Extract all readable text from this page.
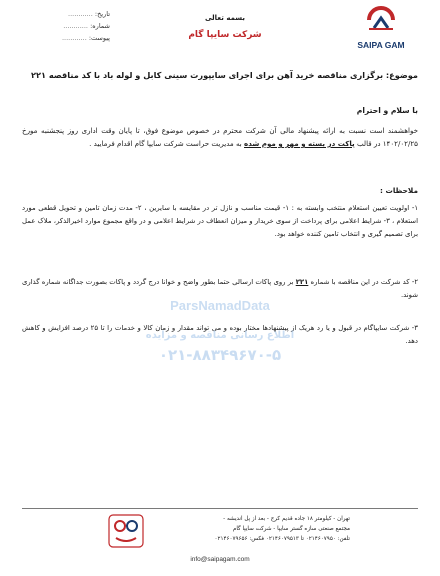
تاریخ: ............
شماره: ............
پیوست: ............
بسمه تعالی
شرکت سایپا گام
SAIPA GAM
موضوع: برگزاری مناقصه خرید آهن برای اجرای سایپورت سینی کابل و لوله باد با کد مناقصه ۲۲۱
با سلام و احترام
خواهشمند است نسبت به ارائه پیشنهاد مالی آن شرکت محترم در خصوص موضوع فوق، تا پایان وقت اداری روز پنجشنبه مورخ ۱۴۰۲/۰۲/۲۵ در قالب پاکت در بسته و مهر و موم شده به مدیریت حراست شرکت سایپا گام اقدام فرمایید .
ملاحظات :
۱- اولویت تعیین استعلام منتخب وابسته به : ۱- قیمت مناسب و نازل تر در مقایسه با سایرین ، ۲- مدت زمان تامین و تحویل قطعی مورد استعلام ، ۳- شرایط اعلامی برای پرداخت از سوی خریدار و میزان انعطاف در شرایط اعلامی و در واقع مجموع موارد اخیرالذکر، ملاک عمل برای تصمیم گیری و انتخاب تامین کننده خواهد بود.
۲- کد شرکت در این مناقصه با شماره ۲۲۱ بر روی پاکات ارسالی حتما بطور واضح و خوانا درج گردد و پاکات بصورت جداگانه شماره گذاری شوند.
۳- شرکت سایپاگام در قبول و یا رد هریک از پیشنهادها مختار بوده و می تواند مقدار و زمان کالا و خدمات را تا ۲۵ درصد افزایش و کاهش دهد.
ParsNamadData
اطلاع رسانی مناقصه و مزایده
۰۲۱-۸۸۳۴۹۶۷۰-۵
تهران - کیلومتر ۱۸ جاده قدیم کرج - بعد از پل اندیشه -
مجتمع صنعتی سازه گستر سایپا - شرکت سایپا گام
تلفن: ۰۲۱۴۶۰۷۹۵۰ تا ۰۲۱۴۶۰۷۹۵۱۳ فکس: ۰۲۱۴۶۰۷۹۶۵۶
info@saipagam.com
